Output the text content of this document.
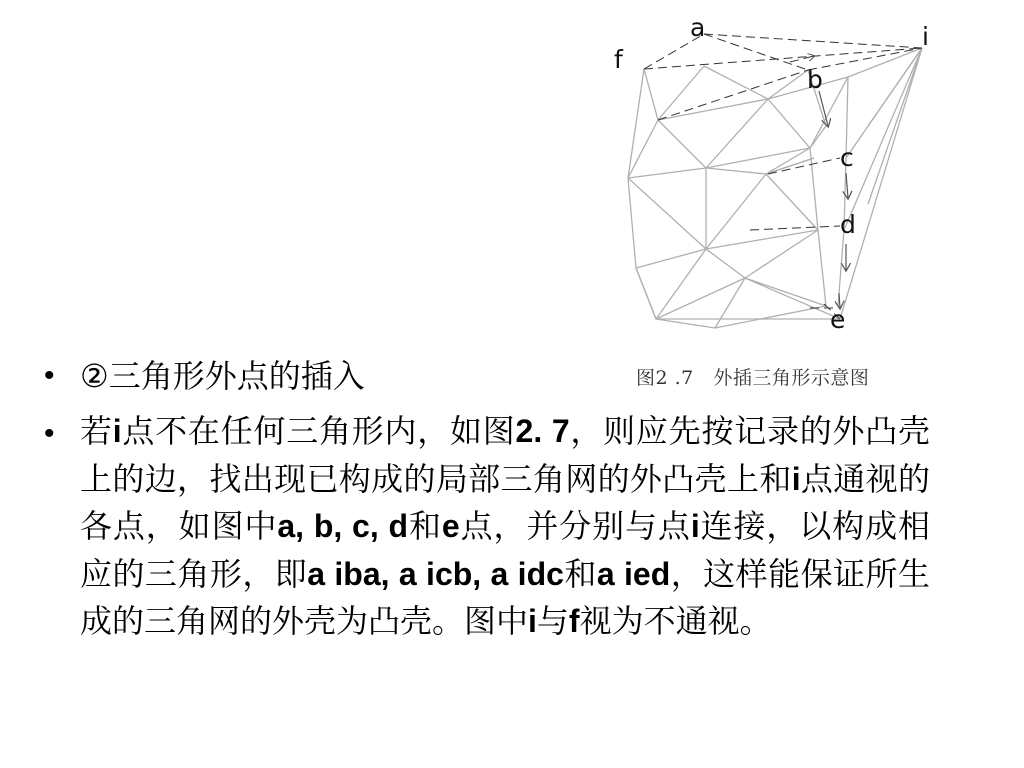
a
f
i
b
c
d
e
图2 .7   外插三角形示意图
• ②三角形外点的插入
• 若i点不在任何三角形内，如图2. 7，则应先按记录的外凸壳上的边，找出现已构成的局部三角网的外凸壳上和i点通视的各点，如图中a, b, c, d和e点，并分别与点i连接，以构成相应的三角形，即a iba, a icb, a idc和a ied，这样能保证所生成的三角网的外壳为凸壳。图中i与f视为不通视。
